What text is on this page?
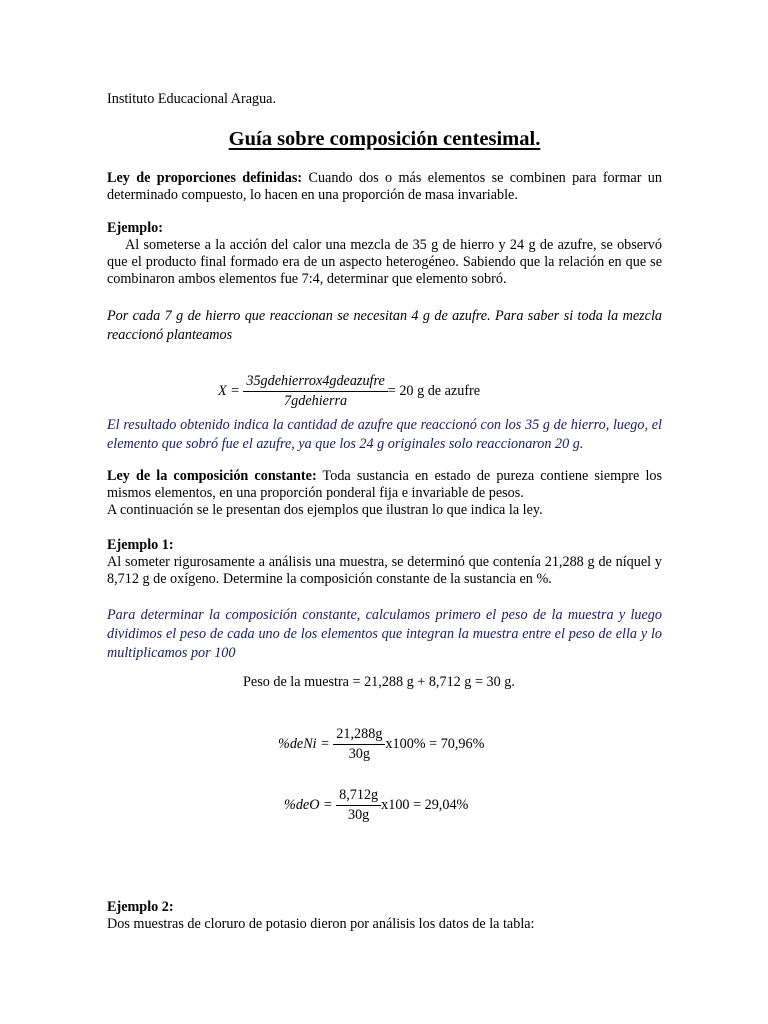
Instituto Educacional Aragua.
Guía sobre composición centesimal.
Ley de proporciones definidas: Cuando dos o más elementos se combinen para formar un determinado compuesto, lo hacen en una proporción de masa invariable.
Ejemplo:
Al someterse a la acción del calor una mezcla de 35 g de hierro y 24 g de azufre, se observó que el producto final formado era de un aspecto heterogéneo. Sabiendo que la relación en que se combinaron ambos elementos fue 7:4, determinar que elemento sobró.
Por cada 7 g de hierro que reaccionan se necesitan 4 g de azufre. Para saber si toda la mezcla reaccionó planteamos
$X = \frac{\text{35gdehierrox4gdeazufre}}{\text{7gdehierra}} = 20$ g de azufre
El resultado obtenido indica la cantidad de azufre que reaccionó con los 35 g de hierro, luego, el elemento que sobró fue el azufre, ya que los 24 g originales solo reaccionaron 20 g.
Ley de la composición constante: Toda sustancia en estado de pureza contiene siempre los mismos elementos, en una proporción ponderal fija e invariable de pesos.
A continuación se le presentan dos ejemplos que ilustran lo que indica la ley.
Ejemplo 1:
Al someter rigurosamente a análisis una muestra, se determinó que contenía 21,288 g de níquel y 8,712 g de oxígeno. Determine la composición constante de la sustancia en %.
Para determinar la composición constante, calculamos primero el peso de la muestra y luego dividimos el peso de cada uno de los elementos que integran la muestra entre el peso de ella y lo multiplicamos por 100
Peso de la muestra = 21,288 g + 8,712 g = 30 g.
%deNi = $\frac{21,288g}{30g} x100\% = 70,96\%$
$\%deO = \frac{8,712g}{30g} x100 = 29,04\%$
Ejemplo 2:
Dos muestras de cloruro de potasio dieron por análisis los datos de la tabla:
